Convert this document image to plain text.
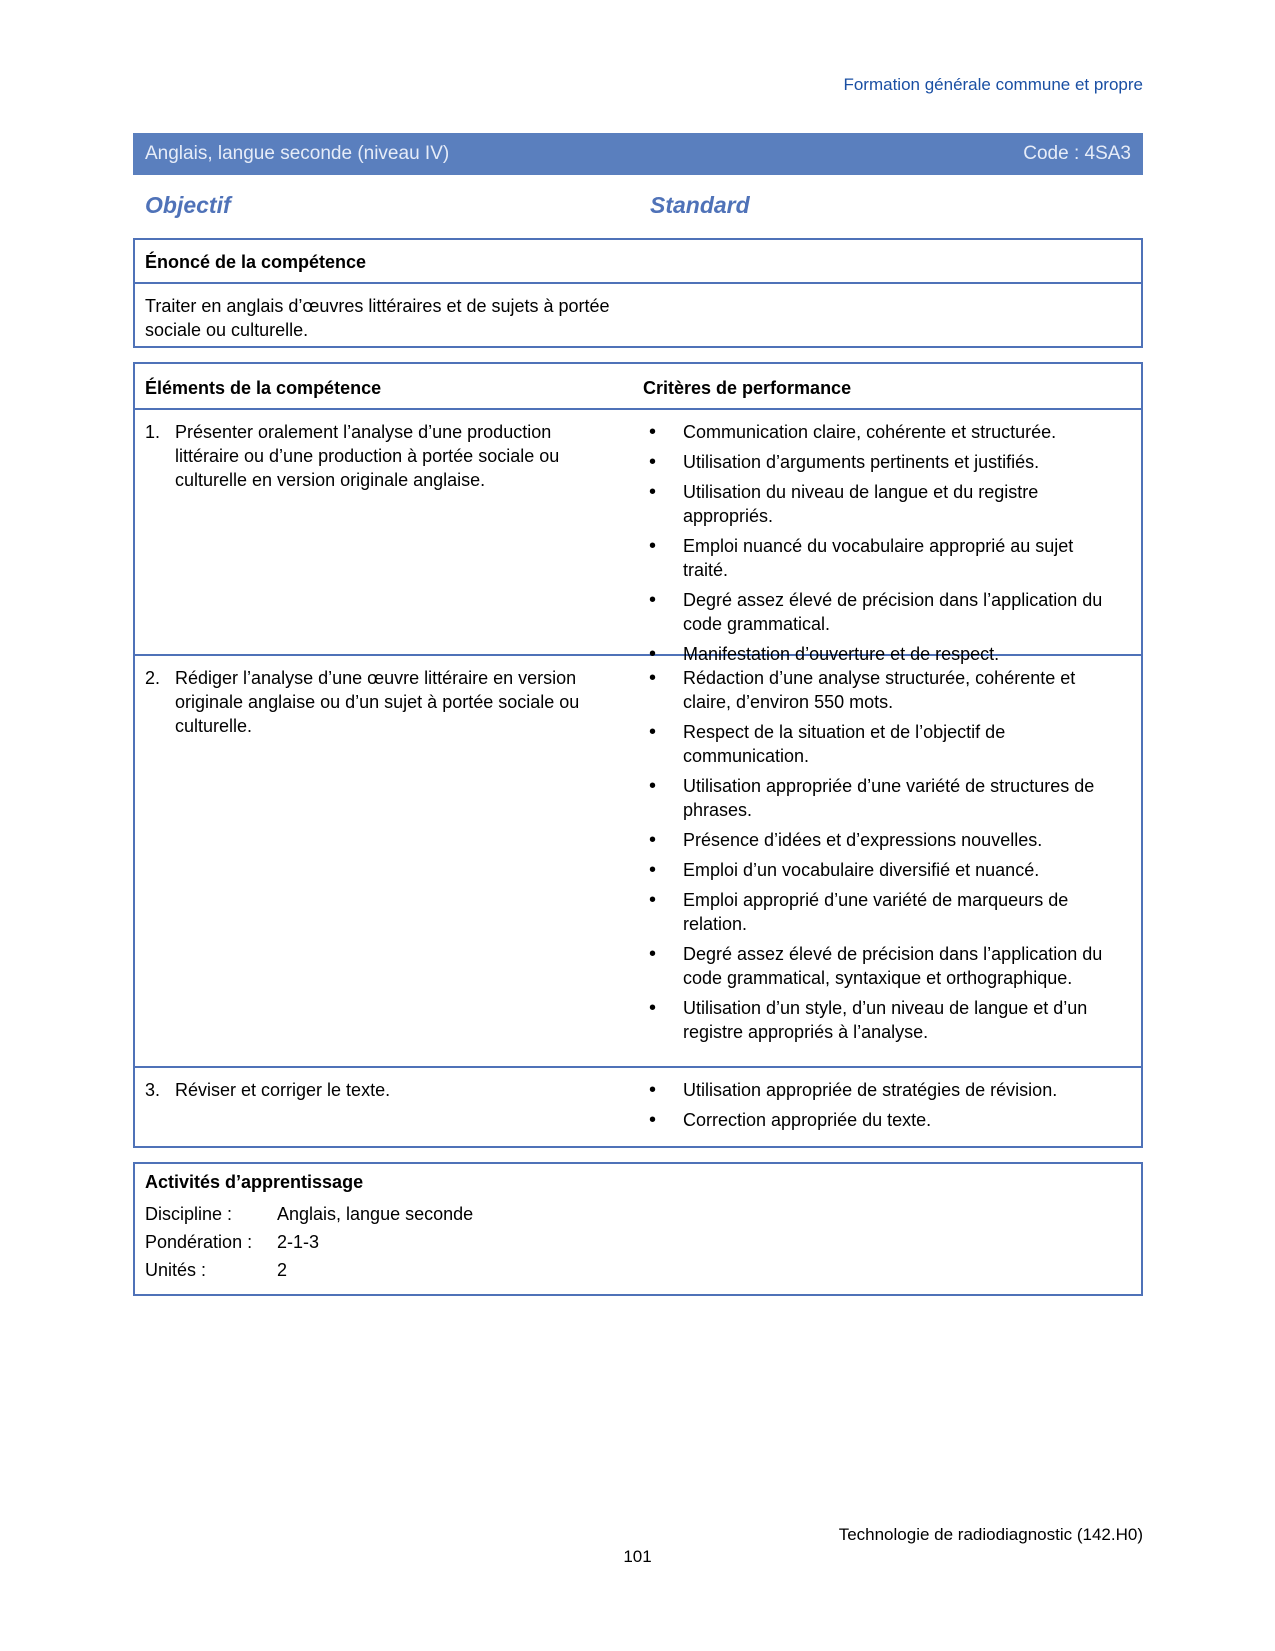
Formation générale commune et propre
Anglais, langue seconde (niveau IV)	Code : 4SA3
Objectif	Standard
Énoncé de la compétence
Traiter en anglais d’œuvres littéraires et de sujets à portée sociale ou culturelle.
Éléments de la compétence	Critères de performance
1. Présenter oralement l’analyse d’une production littéraire ou d’une production à portée sociale ou culturelle en version originale anglaise.
• Communication claire, cohérente et structurée.
• Utilisation d’arguments pertinents et justifiés.
• Utilisation du niveau de langue et du registre appropriés.
• Emploi nuancé du vocabulaire approprié au sujet traité.
• Degré assez élevé de précision dans l’application du code grammatical.
• Manifestation d’ouverture et de respect.
2. Rédiger l’analyse d’une œuvre littéraire en version originale anglaise ou d’un sujet à portée sociale ou culturelle.
• Rédaction d’une analyse structurée, cohérente et claire, d’environ 550 mots.
• Respect de la situation et de l’objectif de communication.
• Utilisation appropriée d’une variété de structures de phrases.
• Présence d’idées et d’expressions nouvelles.
• Emploi d’un vocabulaire diversifié et nuancé.
• Emploi approprié d’une variété de marqueurs de relation.
• Degré assez élevé de précision dans l’application du code grammatical, syntaxique et orthographique.
• Utilisation d’un style, d’un niveau de langue et d’un registre appropriés à l’analyse.
3. Réviser et corriger le texte.
•	Utilisation appropriée de stratégies de révision.
• Correction appropriée du texte.
Activités d’apprentissage
Discipline : Anglais, langue seconde
Pondération : 2-1-3
Unités :	2
Technologie de radiodiagnostic (142.H0)
101
